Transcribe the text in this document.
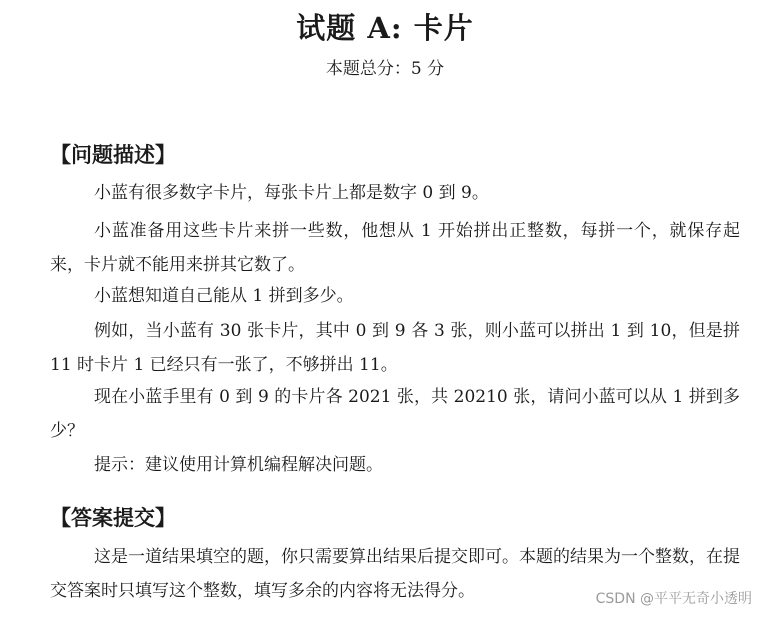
试题 A: 卡片
本题总分：5 分
【问题描述】
小蓝有很多数字卡片，每张卡片上都是数字 0 到 9。
小蓝准备用这些卡片来拼一些数，他想从 1 开始拼出正整数，每拼一个，就保存起来，卡片就不能用来拼其它数了。
小蓝想知道自己能从 1 拼到多少。
例如，当小蓝有 30 张卡片，其中 0 到 9 各 3 张，则小蓝可以拼出 1 到 10，但是拼 11 时卡片 1 已经只有一张了，不够拼出 11。
现在小蓝手里有 0 到 9 的卡片各 2021 张，共 20210 张，请问小蓝可以从 1 拼到多少？
提示：建议使用计算机编程解决问题。
【答案提交】
这是一道结果填空的题，你只需要算出结果后提交即可。本题的结果为一个整数，在提交答案时只填写这个整数，填写多余的内容将无法得分。	CSDN @平平无奇小透明
